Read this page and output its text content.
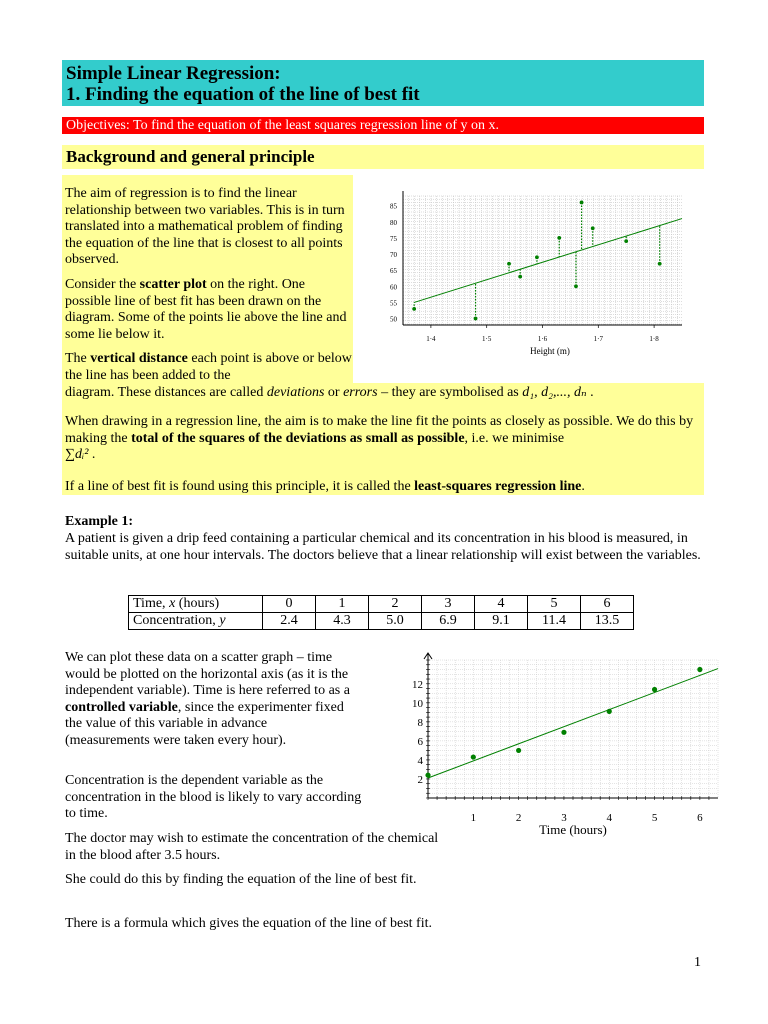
Simple Linear Regression:
1. Finding the equation of the line of best fit
Objectives: To find the equation of the least squares regression line of y on x.
Background and general principle
The aim of regression is to find the linear relationship between two variables. This is in turn translated into a mathematical problem of finding the equation of the line that is closest to all points observed.
Consider the scatter plot on the right. One possible line of best fit has been drawn on the diagram. Some of the points lie above the line and some lie below it.
The vertical distance each point is above or below the line has been added to the
diagram. These distances are called deviations or errors – they are symbolised as d₁, d₂,..., dₙ .
When drawing in a regression line, the aim is to make the line fit the points as closely as possible. We do this by making the total of the squares of the deviations as small as possible, i.e. we minimise
∑dᵢ² .
If a line of best fit is found using this principle, it is called the least-squares regression line.
50
55
60
65
70
75
80
85
1·4	1·5	1·6	1·7	1·8
Height (m)
Example 1:
A patient is given a drip feed containing a particular chemical and its concentration in his blood is measured, in suitable units, at one hour intervals. The doctors believe that a linear relationship will exist between the variables.
Time, x (hours)	0	1	2	3	4	5	6
Concentration, y	2.4	4.3	5.0	6.9	9.1	11.4	13.5
We can plot these data on a scatter graph – time would be plotted on the horizontal axis (as it is the independent variable). Time is here referred to as a controlled variable, since the experimenter fixed the value of this variable in advance (measurements were taken every hour).
Concentration is the dependent variable as the concentration in the blood is likely to vary according to time.
The doctor may wish to estimate the concentration of the chemical in the blood after 3.5 hours.
She could do this by finding the equation of the line of best fit.
There is a formula which gives the equation of the line of best fit.
2
4
6
8
10
12
1	2	3	4	5	6
Time (hours)
1
